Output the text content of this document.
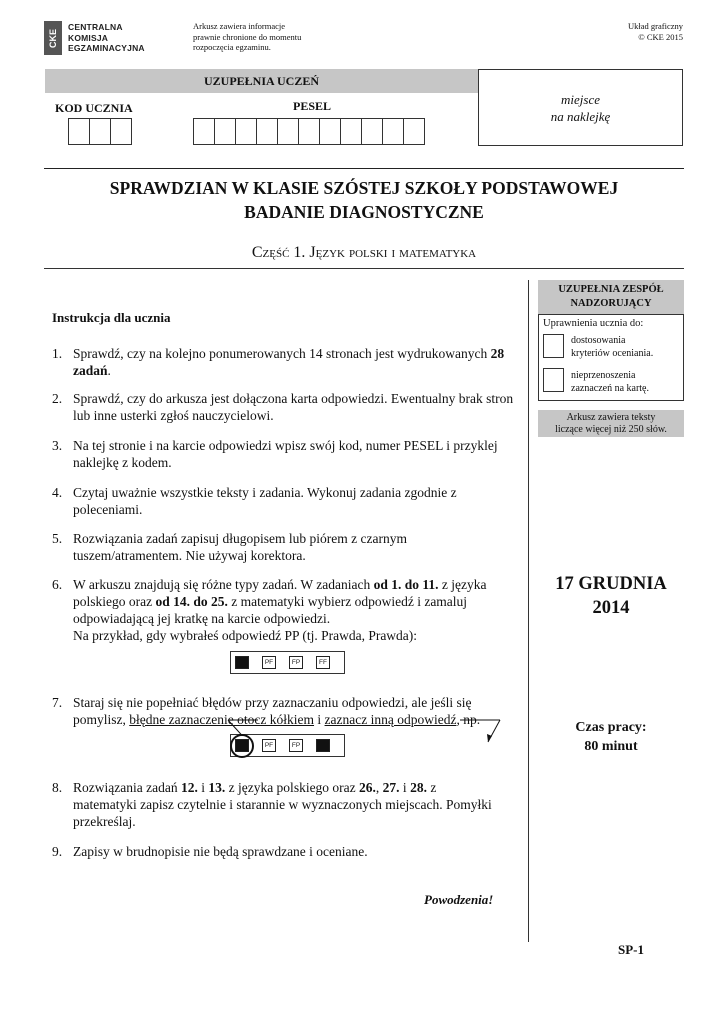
CKE
CENTRALNA
KOMISJA
EGZAMINACYJNA
Arkusz zawiera informacje
prawnie chronione do momentu
rozpoczęcia egzaminu.
Układ graficzny
© CKE 2015
UZUPEŁNIA UCZEŃ
KOD UCZNIA	PESEL	miejsce
na naklejkę
SPRAWDZIAN W KLASIE SZÓSTEJ SZKOŁY PODSTAWOWEJ
BADANIE DIAGNOSTYCZNE
Część 1. Język polski i matematyka
UZUPEŁNIA ZESPÓŁ
NADZORUJĄCY
Uprawnienia ucznia do:
dostosowania
kryteriów oceniania.
nieprzenoszenia
zaznaczeń na kartę.
Arkusz zawiera teksty
liczące więcej niż 250 słów.
17 GRUDNIA
2014
Czas pracy:
80 minut
SP-1
Instrukcja dla ucznia
1. Sprawdź, czy na kolejno ponumerowanych 14 stronach jest wydrukowanych 28 zadań.
2. Sprawdź, czy do arkusza jest dołączona karta odpowiedzi. Ewentualny brak stron lub inne usterki zgłoś nauczycielowi.
3. Na tej stronie i na karcie odpowiedzi wpisz swój kod, numer PESEL i przyklej naklejkę z kodem.
4. Czytaj uważnie wszystkie teksty i zadania. Wykonuj zadania zgodnie z poleceniami.
5. Rozwiązania zadań zapisuj długopisem lub piórem z czarnym tuszem/atramentem. Nie używaj korektora.
6. W arkuszu znajdują się różne typy zadań. W zadaniach od 1. do 11. z języka polskiego oraz od 14. do 25. z matematyki wybierz odpowiedź i zamaluj odpowiadającą jej kratkę na karcie odpowiedzi.
Na przykład, gdy wybrałeś odpowiedź PP (tj. Prawda, Prawda):
PF	FP	FF
7. Staraj się nie popełniać błędów przy zaznaczaniu odpowiedzi, ale jeśli się pomylisz, błędne zaznaczenie otocz kółkiem i zaznacz inną odpowiedź, np.
PF	FP
8. Rozwiązania zadań 12. i 13. z języka polskiego oraz 26., 27. i 28. z matematyki zapisz czytelnie i starannie w wyznaczonych miejscach. Pomyłki przekreślaj.
9. Zapisy w brudnopisie nie będą sprawdzane i oceniane.
Powodzenia!
